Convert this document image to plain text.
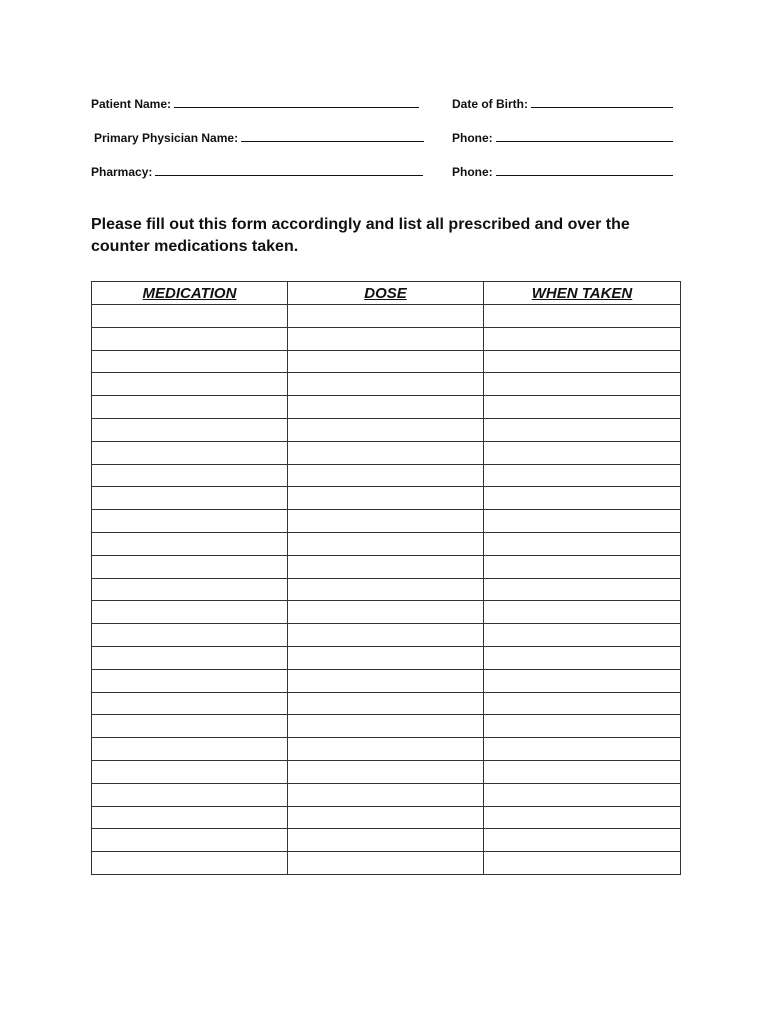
Patient Name:	Date of Birth:
Primary Physician Name:	Phone:
Pharmacy:	Phone:

Please fill out this form accordingly and list all prescribed and over the counter medications taken.

MEDICATION	DOSE	WHEN TAKEN
